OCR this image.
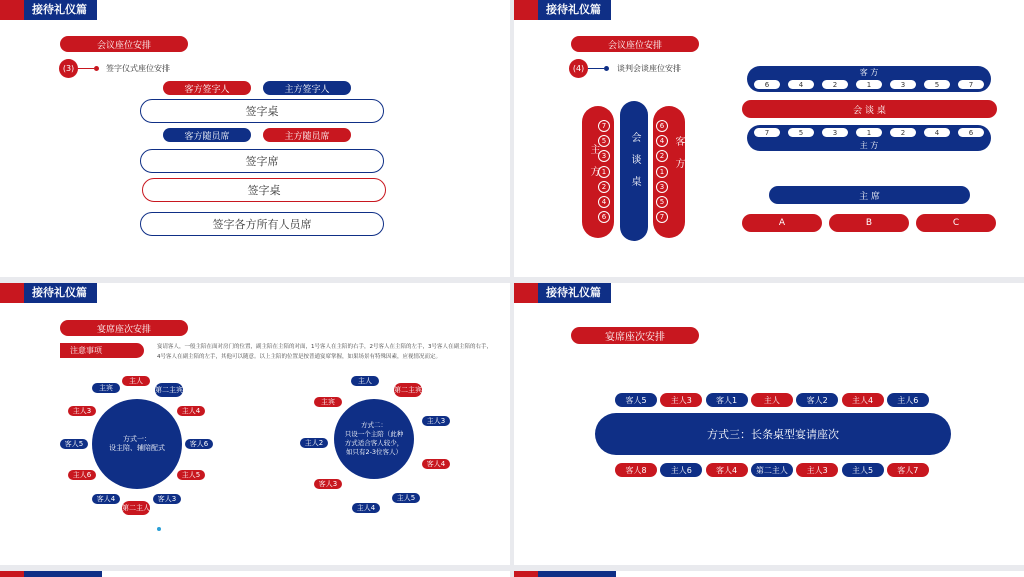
接待礼仪篇
会议座位安排
(3)	签字仪式座位安排
客方签字人	主方签字人
签字桌
客方随员席	主方随员席
签字席
签字桌
签字各方所有人员席
接待礼仪篇
会议座位安排
(4)	谈判会谈座位安排
主方
7
5
3
1
2
4
6
会谈桌	客方
6
4
2
1
3
5
7
客 方
6	4	2	1	3	5	7
会 谈 桌
主 方
7	5	3	1	2	4	6
主 席
A	B	C
接待礼仪篇
宴席座次安排
注意事项	宴请客人，一般主陪在面对房门的位置，副主陪在主陪的对面，1号客人在主陪的右手，2号客人在主陪的左手，3号客人在副主陪的右手，4号客人在副主陪的左手，其他可以随意。以上主陪的位置是按普通宴席掌握，如果场景有特殊因素，应视情况而定。
方式一：
设主陪、辅陪配式
主人
第二主宾
主人4
客人6
主人5
客人3
第二主人
客人4
主人6
客人5
主人3
主宾
方式二：
只设一个主陪（此种方式适合客人较少，如只有2-3位客人）
主人
第二主宾
主人3
客人4
主人5
主人4
客人3
主人2
主宾
接待礼仪篇
宴席座次安排
客人5	主人3	客人1	主人	客人2	主人4	主人6
方式三：长条桌型宴请座次
客人8	主人6	客人4	第二主人	主人3	主人5	客人7
